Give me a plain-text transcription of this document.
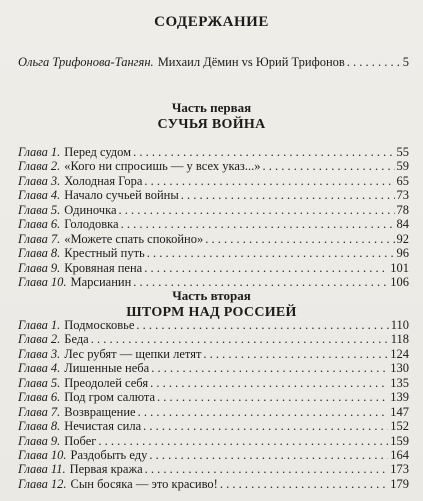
СОДЕРЖАНИЕ
Ольга Трифонова-Тангян. Михаил Дёмин vs Юрий Трифонов . . .	5
Часть первая
СУЧЬЯ ВОЙНА
Глава 1. Перед судом . . .	55
Глава 2. «Кого ни спросишь — у всех указ...» . . .	59
Глава 3. Холодная Гора . . .	65
Глава 4. Начало сучьей войны . . .	73
Глава 5. Одиночка . . .	78
Глава 6. Голодовка . . .	84
Глава 7. «Можете спать спокойно» . . .	92
Глава 8. Крестный путь . . .	96
Глава 9. Кровяная пена . . .	101
Глава 10. Марсианин . . .	106
Часть вторая
ШТОРМ НАД РОССИЕЙ
Глава 1. Подмосковье . . .	110
Глава 2. Беда . . .	118
Глава 3. Лес рубят — щепки летят . . .	124
Глава 4. Лишенные неба . . .	130
Глава 5. Преодолей себя . . .	135
Глава 6. Под гром салюта . . .	139
Глава 7. Возвращение . . .	147
Глава 8. Нечистая сила . . .	152
Глава 9. Побег . . .	159
Глава 10. Раздобыть еду . . .	164
Глава 11. Первая кража . . .	173
Глава 12. Сын босяка — это красиво! . . .	179
